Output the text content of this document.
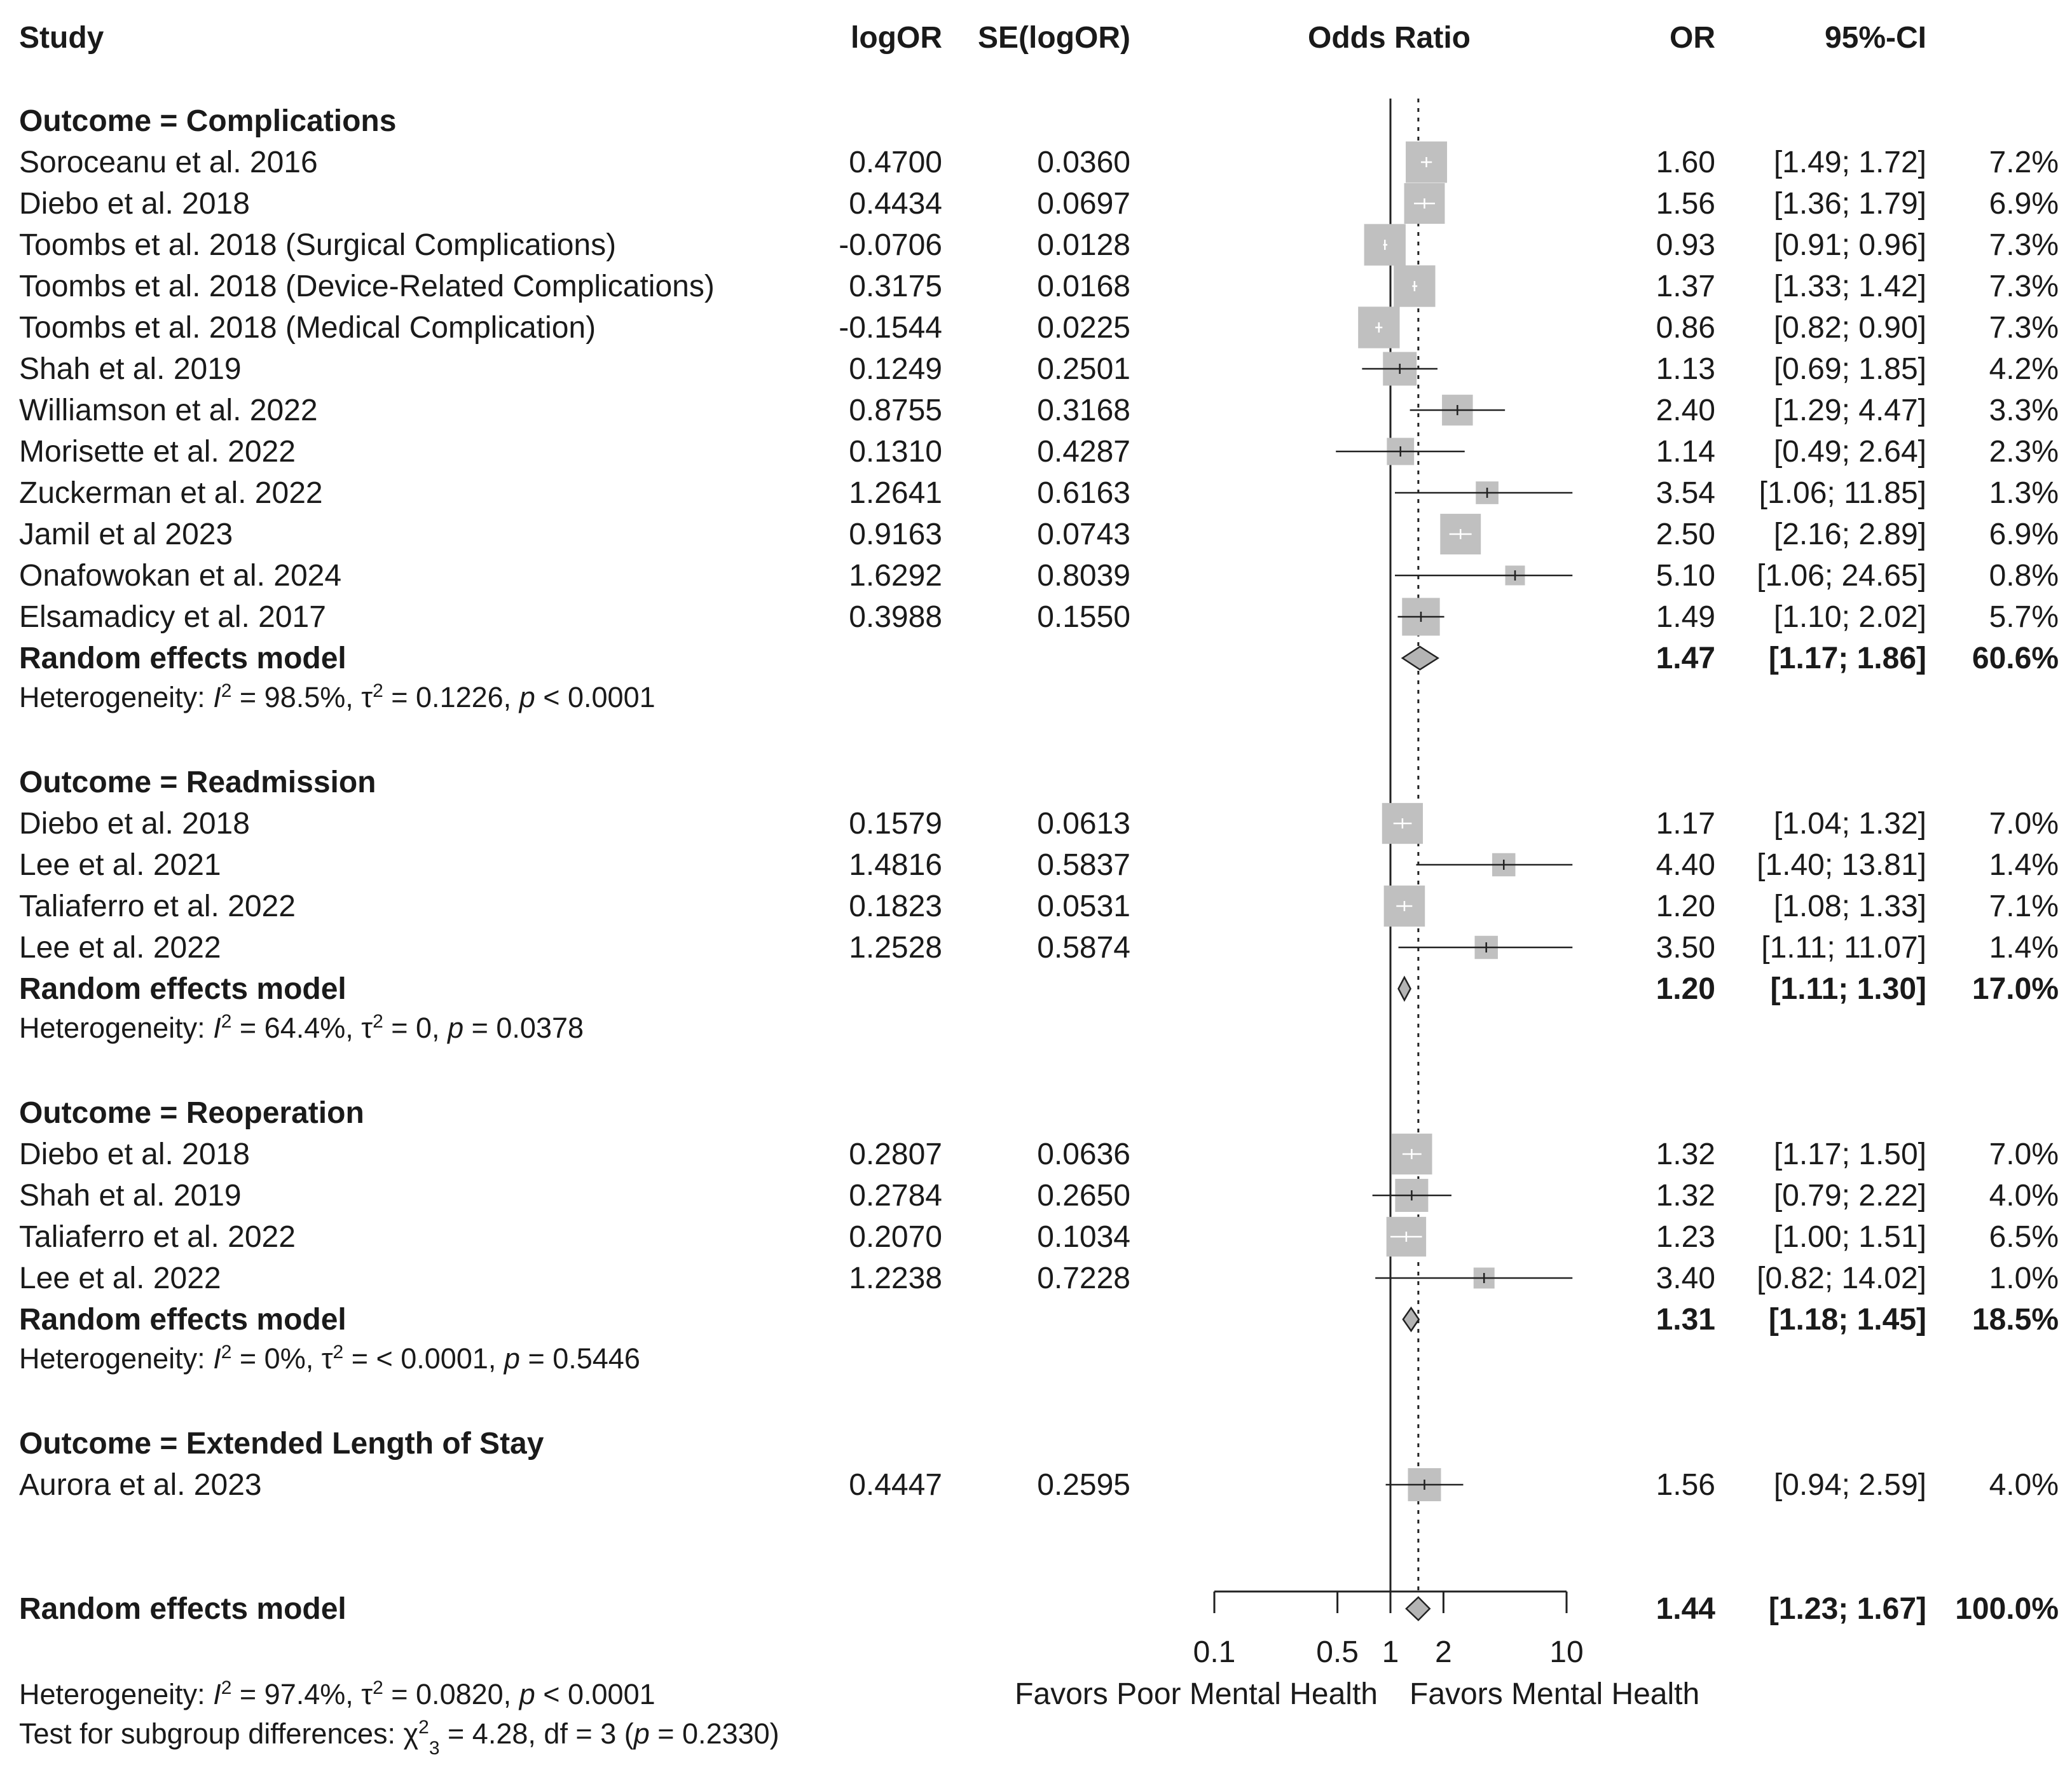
Study	logOR SE(logOR)	Odds Ratio	OR	95%-CI
Outcome = Complications
Soroceanu et al. 2016	0.4700	0.0360	1.60 [1.49; 1.72] 7.2%
Diebo et al. 2018	0.4434	0.0697	1.56 [1.36; 1.79] 6.9%
Toombs et al. 2018 (Surgical Complications)	-0.0706	0.0128	0.93 [0.91; 0.96] 7.3%
Toombs et al. 2018 (Device-Related Complications)	0.3175	0.0168	1.37 [1.33; 1.42] 7.3%
Toombs et al. 2018 (Medical Complication)	-0.1544	0.0225	0.86 [0.82; 0.90] 7.3%
Shah et al. 2019	0.1249	0.2501	1.13 [0.69; 1.85] 4.2%
Williamson et al. 2022	0.8755	0.3168	2.40 [1.29; 4.47] 3.3%
Morisette et al. 2022	0.1310	0.4287	1.14 [0.49; 2.64] 2.3%
Zuckerman et al. 2022	1.2641	0.6163	3.54 [1.06; 11.85] 1.3%
Jamil et al 2023	0.9163	0.0743	2.50 [2.16; 2.89] 6.9%
Onafowokan et al. 2024	1.6292	0.8039	5.10 [1.06; 24.65] 0.8%
Elsamadicy et al. 2017	0.3988	0.1550	1.49 [1.10; 2.02] 5.7%
Random effects model	1.47 [1.17; 1.86] 60.6%
Heterogeneity: $I^2 = 98.5\%$, $\tau^2 = 0.1226$, p < 0.0001
Outcome = Readmission
Diebo et al. 2018	0.1579	0.0613	1.17 [1.04; 1.32] 7.0%
Lee et al. 2021	1.4816	0.5837	4.40 [1.40; 13.81] 1.4%
Taliaferro et al. 2022	0.1823	0.0531	1.20 [1.08; 1.33] 7.1%
Lee et al. 2022	1.2528	0.5874	3.50 [1.11; 11.07] 1.4%
Random effects model	1.20 [1.11; 1.30] 17.0%
Heterogeneity: $I^2 = 64.4\%$, $\tau^2 = 0$, p = 0.0378
Outcome = Reoperation
Diebo et al. 2018	0.2807	0.0636	1.32 [1.17; 1.50] 7.0%
Shah et al. 2019	0.2784	0.2650	1.32 [0.79; 2.22] 4.0%
Taliaferro et al. 2022	0.2070	0.1034	1.23 [1.00; 1.51] 6.5%
Lee et al. 2022	1.2238	0.7228	3.40 [0.82; 14.02] 1.0%
Random effects model	1.31 [1.18; 1.45] 18.5%
Heterogeneity: $I^2 = 0\%$, $\tau^2$ = < 0.0001, p = 0.5446
Outcome = Extended Length of Stay
Aurora et al. 2023	0.4447	0.2595	1.56 [0.94; 2.59] 4.0%
Random effects model	1.44 [1.23; 1.67] 100.0%
0.1	0.5 1 2	10
Favors Poor Mental Health Favors Mental Health
Heterogeneity: $I^2 = 97.4\%$, $\tau^2 = 0.0820$, p < 0.0001
Test for subgroup differences: $\chi^2_3 = 4.28$, df = 3 (p = 0.2330)
